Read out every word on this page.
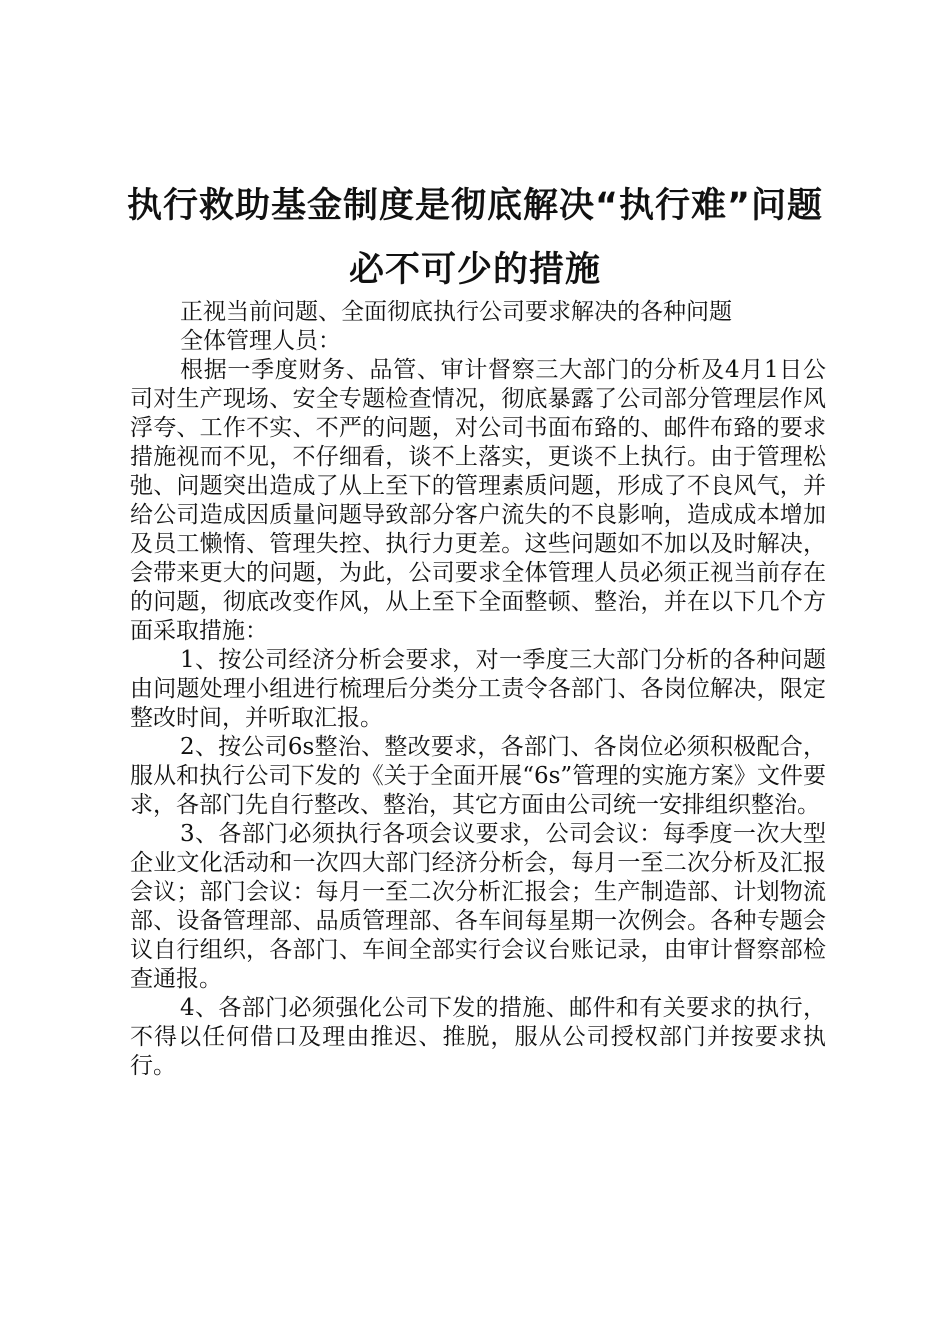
执行救助基金制度是彻底解决“执行难”问题
必不可少的措施

正视当前问题、全面彻底执行公司要求解决的各种问题

全体管理人员：

根据一季度财务、品管、审计督察三大部门的分析及4月1日公司对生产现场、安全专题检查情况，彻底暴露了公司部分管理层作风浮夸、工作不实、不严的问题，对公司书面布臵的、邮件布臵的要求措施视而不见，不仔细看，谈不上落实，更谈不上执行。由于管理松弛、问题突出造成了从上至下的管理素质问题，形成了不良风气，并给公司造成因质量问题导致部分客户流失的不良影响，造成成本增加及员工懒惰、管理失控、执行力更差。这些问题如不加以及时解决，会带来更大的问题，为此，公司要求全体管理人员必须正视当前存在的问题，彻底改变作风，从上至下全面整顿、整治，并在以下几个方面采取措施：

1、按公司经济分析会要求，对一季度三大部门分析的各种问题由问题处理小组进行梳理后分类分工责令各部门、各岗位解决，限定整改时间，并听取汇报。

2、按公司6s整治、整改要求，各部门、各岗位必须积极配合，服从和执行公司下发的《关于全面开展“6s”管理的实施方案》文件要求，各部门先自行整改、整治，其它方面由公司统一安排组织整治。

3、各部门必须执行各项会议要求，公司会议：每季度一次大型企业文化活动和一次四大部门经济分析会，每月一至二次分析及汇报会议；部门会议：每月一至二次分析汇报会；生产制造部、计划物流部、设备管理部、品质管理部、各车间每星期一次例会。各种专题会议自行组织，各部门、车间全部实行会议台账记录，由审计督察部检查通报。

4、各部门必须强化公司下发的措施、邮件和有关要求的执行，不得以任何借口及理由推迟、推脱，服从公司授权部门并按要求执行。
